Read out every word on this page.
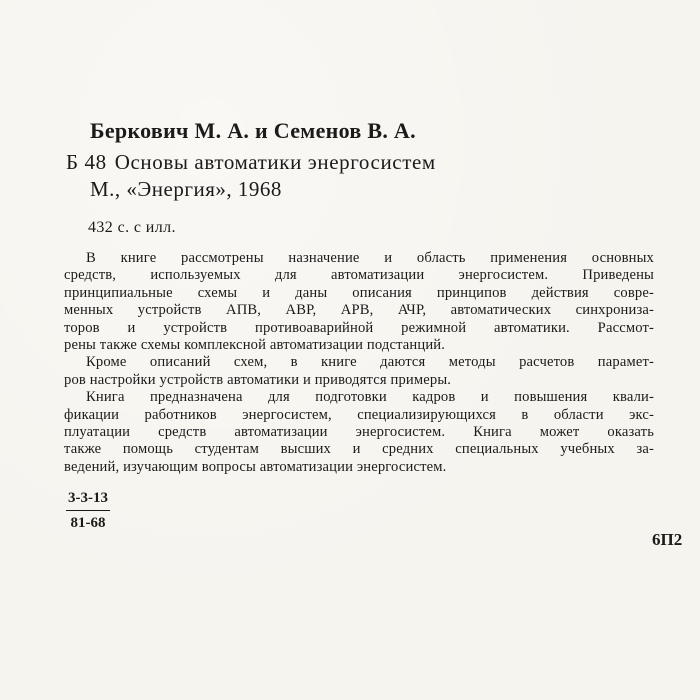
Беркович М. А. и Семенов В. А.
Б 48 Основы автоматики энергосистем
М., «Энергия», 1968
432 с. с илл.
В книге рассмотрены назначение и область применения основных
средств, используемых для автоматизации энергосистем. Приведены
принципиальные схемы и даны описания принципов действия совре-
менных устройств АПВ, АВР, АРВ, АЧР, автоматических синхрониза-
торов и устройств противоаварийной режимной автоматики. Рассмот-
рены также схемы комплексной автоматизации подстанций.
Кроме описаний схем, в книге даются методы расчетов парамет-
ров настройки устройств автоматики и приводятся примеры.
Книга предназначена для подготовки кадров и повышения квали-
фикации работников энергосистем, специализирующихся в области экс-
плуатации средств автоматизации энергосистем. Книга может оказать
также помощь студентам высших и средних специальных учебных за-
ведений, изучающим вопросы автоматизации энергосистем.
$\frac{3-3-13}{81-68}$
6П2
